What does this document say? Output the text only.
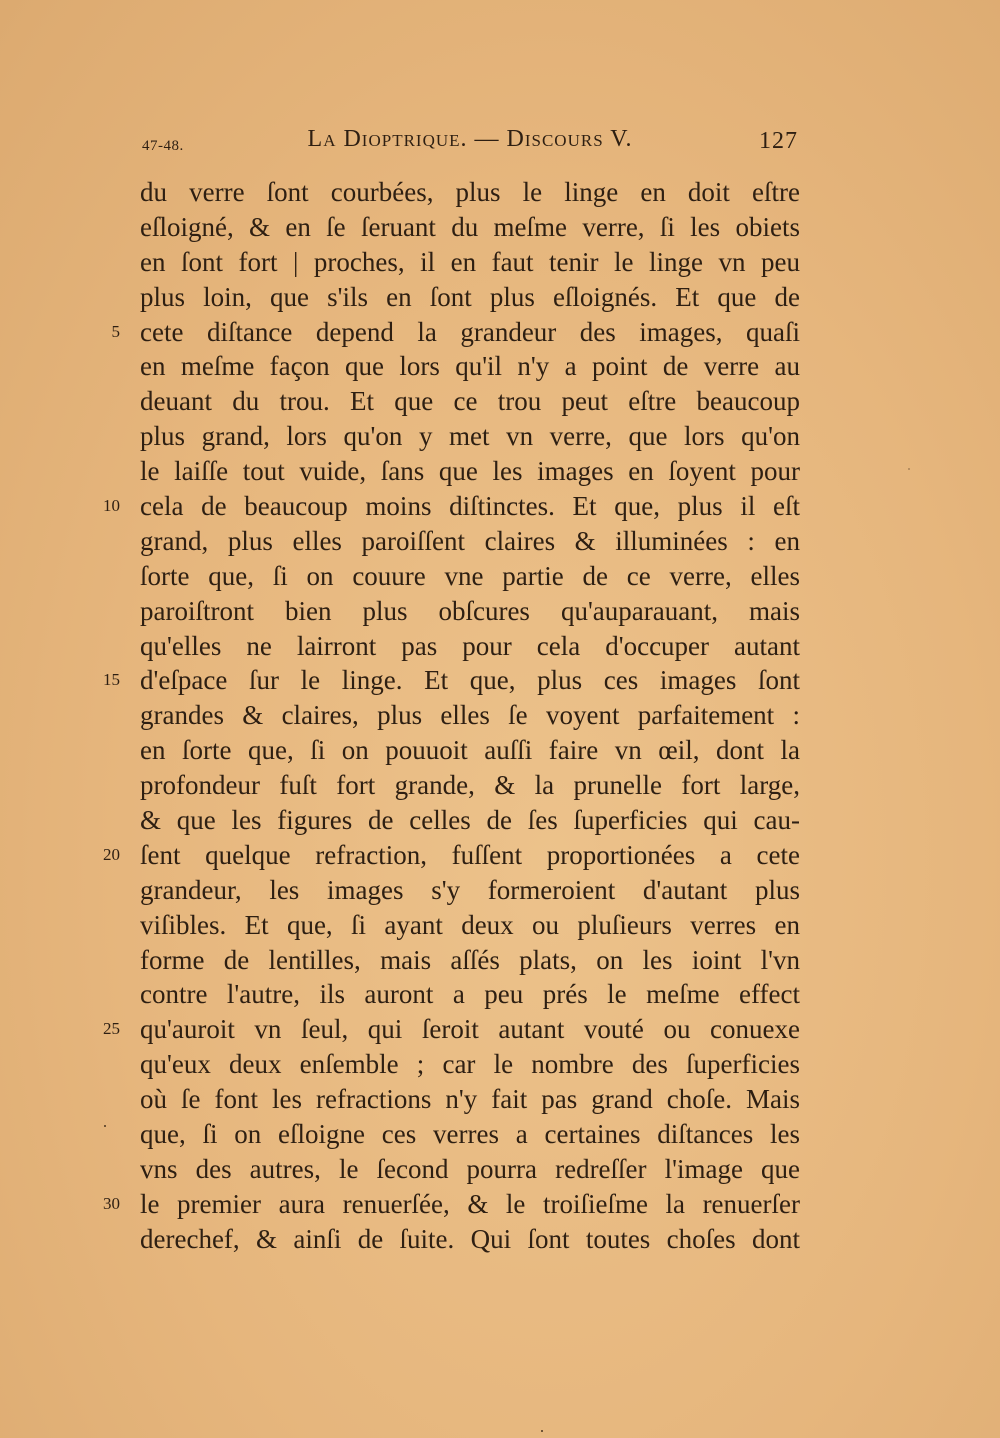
47-48.	La Dioptrique. — Discours V.	127
du verre ſont courbées, plus le linge en doit eſtre
eſloigné, & en ſe ſeruant du meſme verre, ſi les obiets
en ſont fort | proches, il en faut tenir le linge vn peu
plus loin, que s'ils en ſont plus eſloignés. Et que de
5 cete diſtance depend la grandeur des images, quaſi
en meſme façon que lors qu'il n'y a point de verre au
deuant du trou. Et que ce trou peut eſtre beaucoup
plus grand, lors qu'on y met vn verre, que lors qu'on
le laiſſe tout vuide, ſans que les images en ſoyent pour
10 cela de beaucoup moins diſtinctes. Et que, plus il eſt
grand, plus elles paroiſſent claires & illuminées : en
ſorte que, ſi on couure vne partie de ce verre, elles
paroiſtront bien plus obſcures qu'auparauant, mais
qu'elles ne lairront pas pour cela d'occuper autant
15 d'eſpace ſur le linge. Et que, plus ces images ſont
grandes & claires, plus elles ſe voyent parfaitement :
en ſorte que, ſi on pouuoit auſſi faire vn œil, dont la
profondeur fuſt fort grande, & la prunelle fort large,
& que les figures de celles de ſes ſuperficies qui cau-
20 ſent quelque refraction, fuſſent proportionées a cete
grandeur, les images s'y formeroient d'autant plus
viſibles. Et que, ſi ayant deux ou pluſieurs verres en
forme de lentilles, mais aſſés plats, on les ioint l'vn
contre l'autre, ils auront a peu prés le meſme effect
25 qu'auroit vn ſeul, qui ſeroit autant vouté ou conuexe
qu'eux deux enſemble ; car le nombre des ſuperficies
où ſe font les refractions n'y fait pas grand choſe. Mais
que, ſi on eſloigne ces verres a certaines diſtances les
vns des autres, le ſecond pourra redreſſer l'image que
30 le premier aura renuerſée, & le troiſieſme la renuerſer
derechef, & ainſi de ſuite. Qui ſont toutes choſes dont
